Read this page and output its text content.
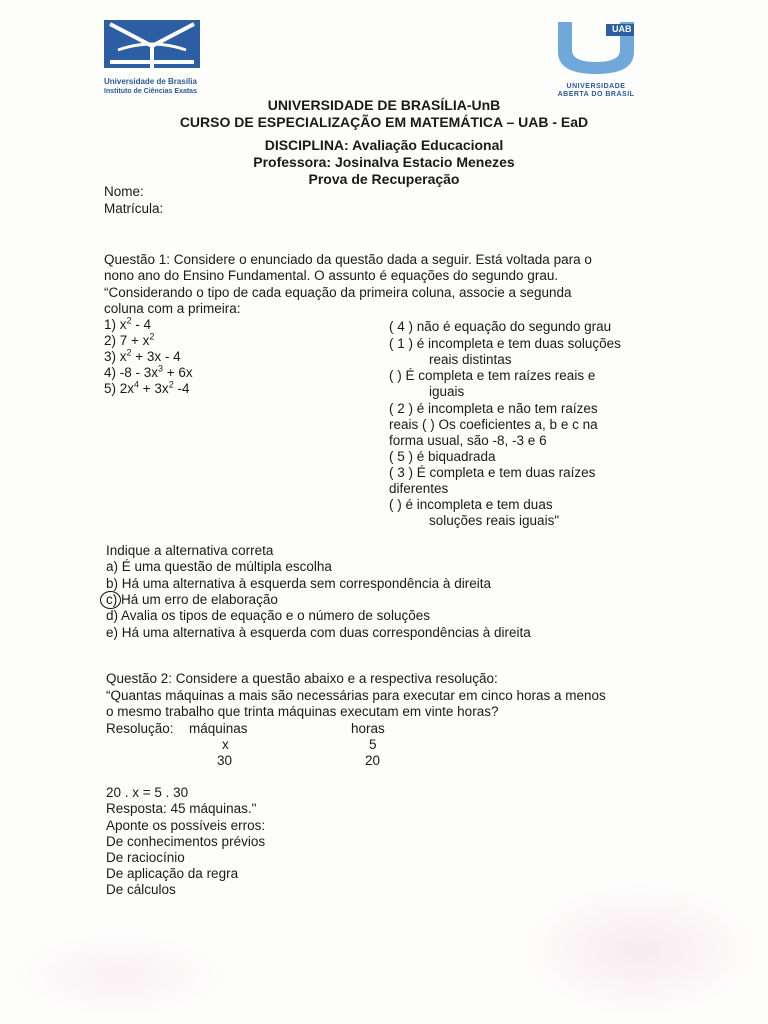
Universidade de Brasília
Instituto de Ciências Exatas
UAB
UNIVERSIDADE
ABERTA DO BRASIL
UNIVERSIDADE DE BRASÍLIA-UnB
CURSO DE ESPECIALIZAÇÃO EM MATEMÁTICA – UAB - EaD
DISCIPLINA: Avaliação Educacional
Professora: Josinalva Estacio Menezes
Prova de Recuperação
Nome:
Matrícula:
Questão 1: Considere o enunciado da questão dada a seguir. Está voltada para o
nono ano do Ensino Fundamental. O assunto é equações do segundo grau.
“Considerando o tipo de cada equação da primeira coluna, associe a segunda
coluna com a primeira:
1) $x^2 - 4$
2) $7 + x^2$
3) $x^2 + 3x - 4$
4) $-8 - 3x^3 + 6x$
5) $2x^4 + 3x^2$ -4
( 4 ) não é equação do segundo grau
( 1 ) é incompleta e tem duas soluções
reais distintas
( ) É completa e tem raízes reais e
iguais
( 2 ) é incompleta e não tem raízes
reais ( ) Os coeficientes a, b e c na
forma usual, são -8, -3 e 6
( 5 ) é biquadrada
( 3 ) É completa e tem duas raízes
diferentes
( ) é incompleta e tem duas
soluções reais iguais"
Indique a alternativa correta
a) É uma questão de múltipla escolha
b) Há uma alternativa à esquerda sem correspondência à direita
c) Há um erro de elaboração
d) Avalia os tipos de equação e o número de soluções
e) Há uma alternativa à esquerda com duas correspondências à direita
Questão 2: Considere a questão abaixo e a respectiva resolução:
“Quantas máquinas a mais são necessárias para executar em cinco horas a menos
o mesmo trabalho que trinta máquinas executam em vinte horas?
Resolução: máquinas	horas
x	5
30	20
20 . x = 5 . 30
Resposta: 45 máquinas."
Aponte os possíveis erros:
De conhecimentos prévios
De raciocínio
De aplicação da regra
De cálculos
